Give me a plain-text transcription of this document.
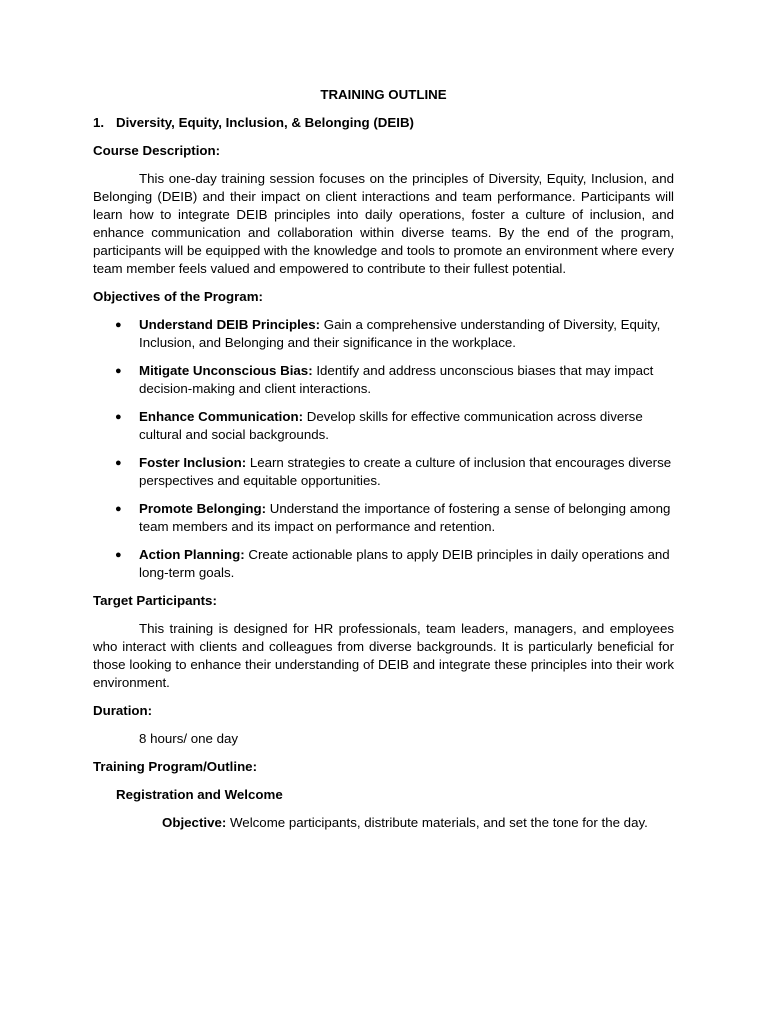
TRAINING OUTLINE
1. Diversity, Equity, Inclusion, & Belonging (DEIB)
Course Description:

This one-day training session focuses on the principles of Diversity, Equity, Inclusion, and Belonging (DEIB) and their impact on client interactions and team performance. Participants will learn how to integrate DEIB principles into daily operations, foster a culture of inclusion, and enhance communication and collaboration within diverse teams. By the end of the program, participants will be equipped with the knowledge and tools to promote an environment where every team member feels valued and empowered to contribute to their fullest potential.

Objectives of the Program:
● Understand DEIB Principles: Gain a comprehensive understanding of Diversity, Equity, Inclusion, and Belonging and their significance in the workplace.
● Mitigate Unconscious Bias: Identify and address unconscious biases that may impact decision-making and client interactions.
● Enhance Communication: Develop skills for effective communication across diverse cultural and social backgrounds.
● Foster Inclusion: Learn strategies to create a culture of inclusion that encourages diverse perspectives and equitable opportunities.
● Promote Belonging: Understand the importance of fostering a sense of belonging among team members and its impact on performance and retention.
● Action Planning: Create actionable plans to apply DEIB principles in daily operations and long-term goals.
Target Participants:

This training is designed for HR professionals, team leaders, managers, and employees who interact with clients and colleagues from diverse backgrounds. It is particularly beneficial for those looking to enhance their understanding of DEIB and integrate these principles into their work environment.

Duration:
8 hours/ one day
Training Program/Outline:
Registration and Welcome
Objective: Welcome participants, distribute materials, and set the tone for the day.
